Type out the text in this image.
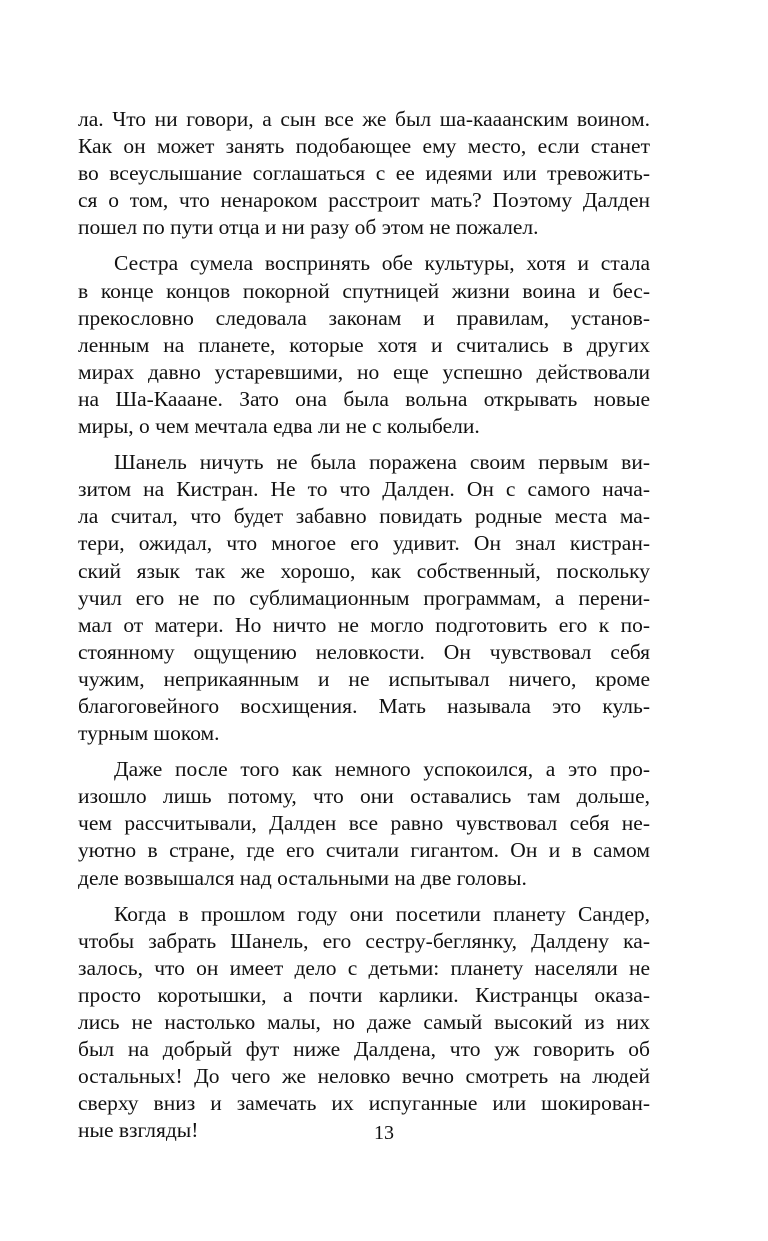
ла. Что ни говори, а сын все же был ша-кааанским воином.
Как он может занять подобающее ему место, если станет
во всеуслышание соглашаться с ее идеями или тревожить-
ся о том, что ненароком расстроит мать? Поэтому Далден
пошел по пути отца и ни разу об этом не пожалел.
Сестра сумела воспринять обе культуры, хотя и стала
в конце концов покорной спутницей жизни воина и бес-
прекословно следовала законам и правилам, установ-
ленным на планете, которые хотя и считались в других
мирах давно устаревшими, но еще успешно действовали
на Ша-Кааане. Зато она была вольна открывать новые
миры, о чем мечтала едва ли не с колыбели.
Шанель ничуть не была поражена своим первым ви-
зитом на Кистран. Не то что Далден. Он с самого нача-
ла считал, что будет забавно повидать родные места ма-
тери, ожидал, что многое его удивит. Он знал кистран-
ский язык так же хорошо, как собственный, поскольку
учил его не по сублимационным программам, а перени-
мал от матери. Но ничто не могло подготовить его к по-
стоянному ощущению неловкости. Он чувствовал себя
чужим, неприкаянным и не испытывал ничего, кроме
благоговейного восхищения. Мать называла это куль-
турным шоком.
Даже после того как немного успокоился, а это про-
изошло лишь потому, что они оставались там дольше,
чем рассчитывали, Далден все равно чувствовал себя не-
уютно в стране, где его считали гигантом. Он и в самом
деле возвышался над остальными на две головы.
Когда в прошлом году они посетили планету Сандер,
чтобы забрать Шанель, его сестру-беглянку, Далдену ка-
залось, что он имеет дело с детьми: планету населяли не
просто коротышки, а почти карлики. Кистранцы оказа-
лись не настолько малы, но даже самый высокий из них
был на добрый фут ниже Далдена, что уж говорить об
остальных! До чего же неловко вечно смотреть на людей
сверху вниз и замечать их испуганные или шокирован-
ные взгляды!	13
